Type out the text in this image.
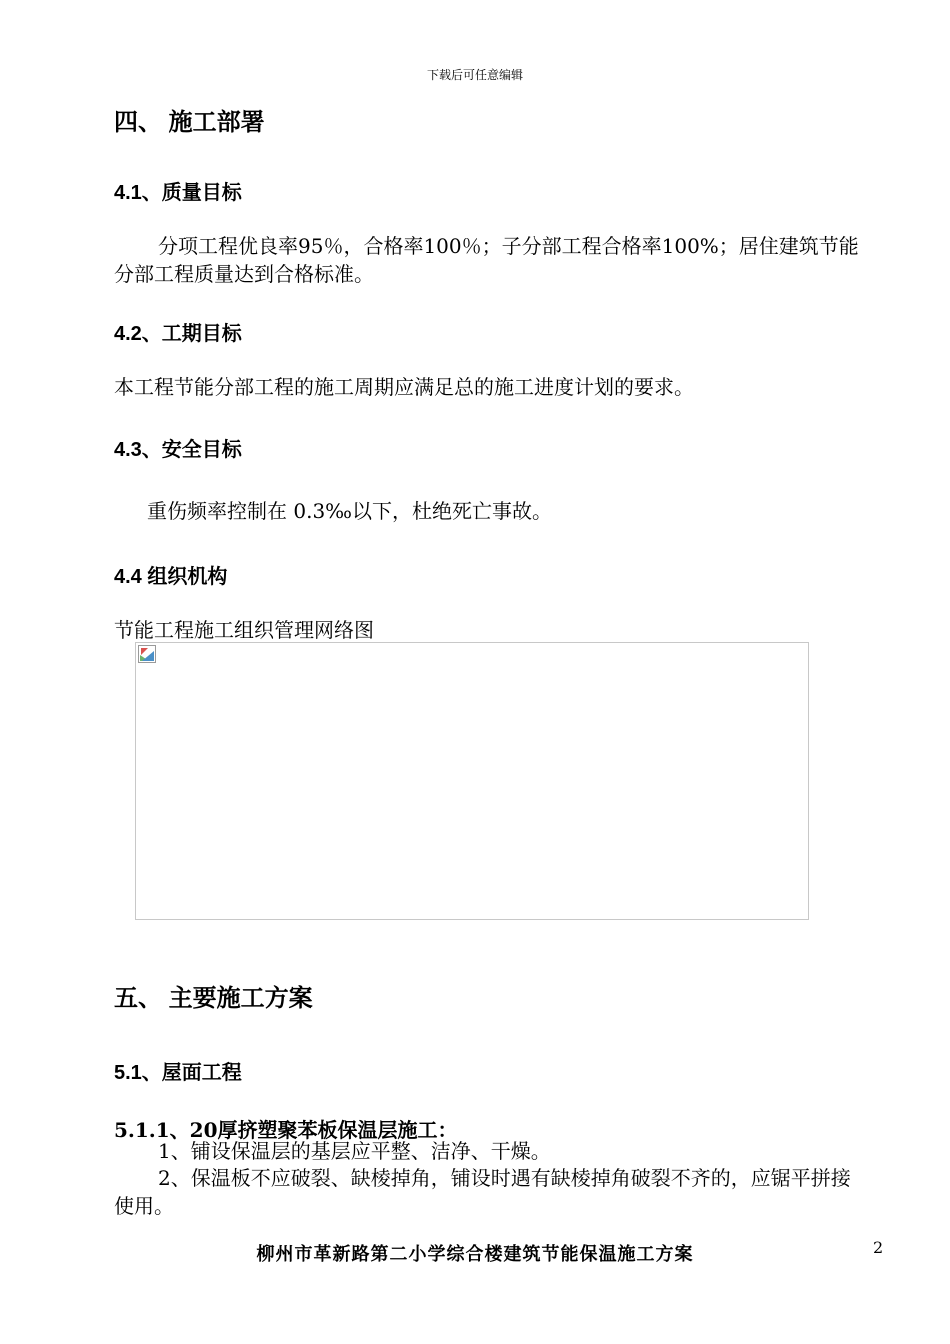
下载后可任意编辑
四、 施工部署
4.1、质量目标
分项工程优良率95％，合格率100％；子分部工程合格率100%；居住建筑节能分部工程质量达到合格标准。
4.2、工期目标
本工程节能分部工程的施工周期应满足总的施工进度计划的要求。
4.3、安全目标
重伤频率控制在 0.3‰以下，杜绝死亡事故。
4.4 组织机构
节能工程施工组织管理网络图
五、 主要施工方案
5.1、屋面工程
5.1.1、20厚挤塑聚苯板保温层施工：
1、铺设保温层的基层应平整、洁净、干燥。
2、保温板不应破裂、缺棱掉角，铺设时遇有缺棱掉角破裂不齐的，应锯平拼接使用。
柳州市革新路第二小学综合楼建筑节能保温施工方案	2
